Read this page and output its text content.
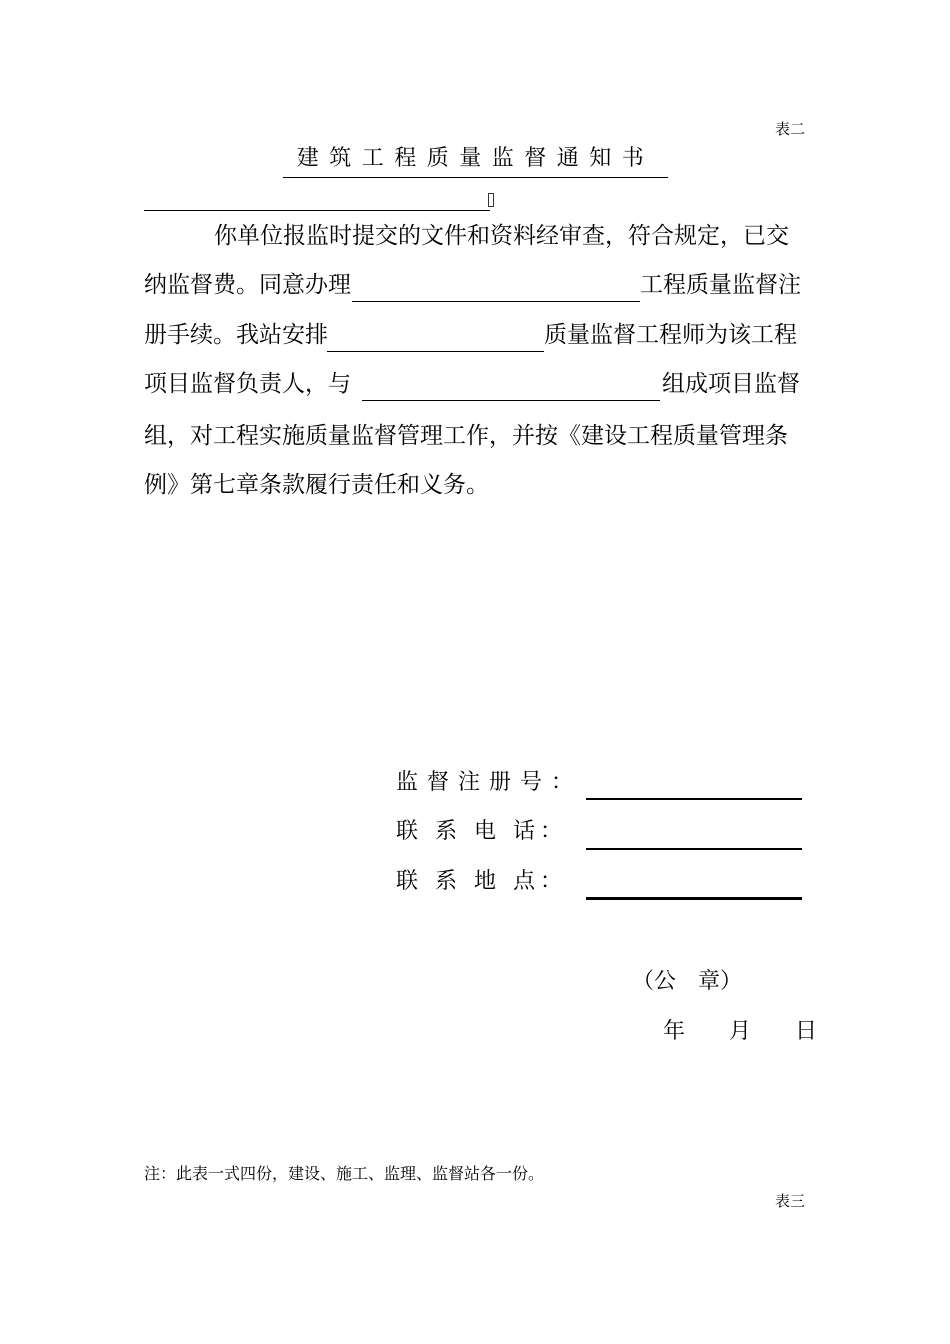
表二
建筑工程质量监督通知书
你单位报监时提交的文件和资料经审查，符合规定，已交
纳监督费。同意办理	工程质量监督注
册手续。我站安排	质量监督工程师为该工程
项目监督负责人，与	组成项目监督
组，对工程实施质量监督管理工作，并按《建设工程质量管理条
例》第七章条款履行责任和义务。
监督注册号：
联 系 电 话：
联 系 地 点：
（公　章）
年　　月　　日
注：此表一式四份，建设、施工、监理、监督站各一份。
表三
